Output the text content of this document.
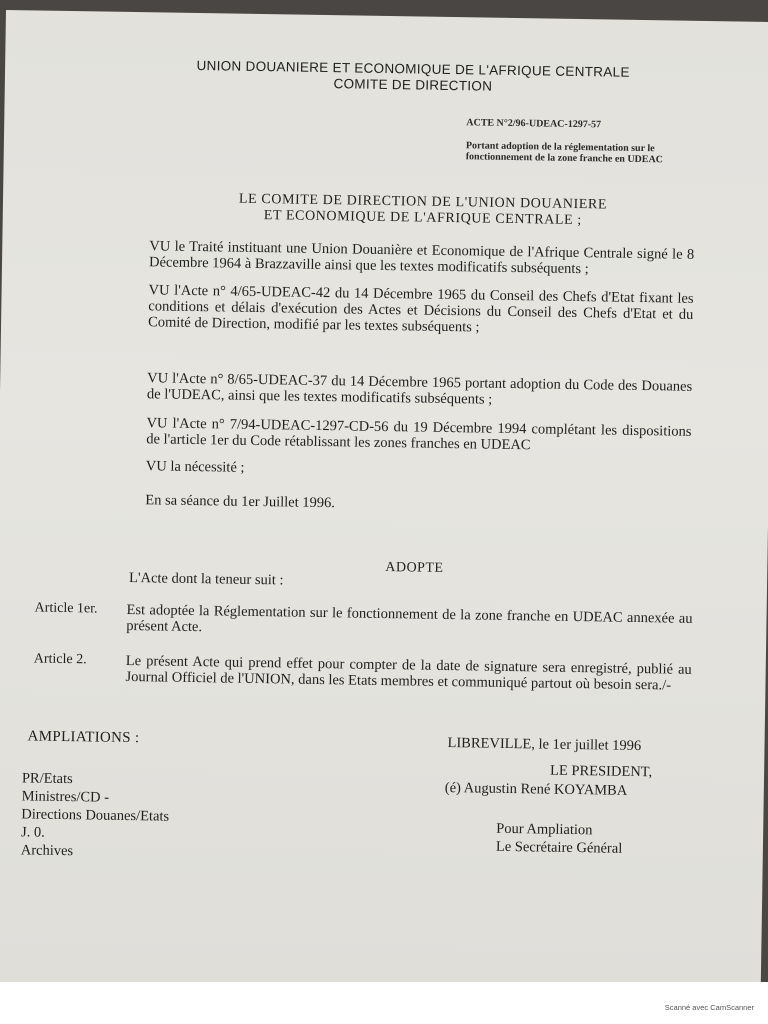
UNION DOUANIERE ET ECONOMIQUE DE L'AFRIQUE CENTRALE
COMITE DE DIRECTION
ACTE N°2/96-UDEAC-1297-57
Portant adoption de la réglementation sur le fonctionnement de la zone franche en UDEAC
LE COMITE DE DIRECTION DE L'UNION DOUANIERE
ET ECONOMIQUE DE L'AFRIQUE CENTRALE ;
VU le Traité instituant une Union Douanière et Economique de l'Afrique Centrale signé le 8 Décembre 1964 à Brazzaville ainsi que les textes modificatifs subséquents ;
VU l'Acte n° 4/65-UDEAC-42 du 14 Décembre 1965 du Conseil des Chefs d'Etat fixant les conditions et délais d'exécution des Actes et Décisions du Conseil des Chefs d'Etat et du Comité de Direction, modifié par les textes subséquents ;
VU l'Acte n° 8/65-UDEAC-37 du 14 Décembre 1965 portant adoption du Code des Douanes de l'UDEAC, ainsi que les textes modificatifs subséquents ;
VU l'Acte n° 7/94-UDEAC-1297-CD-56 du 19 Décembre 1994 complétant les dispositions de l'article 1er du Code rétablissant les zones franches en UDEAC
VU la nécessité ;
En sa séance du 1er Juillet 1996.
ADOPTE
L'Acte dont la teneur suit :
Article 1er. Est adoptée la Réglementation sur le fonctionnement de la zone franche en UDEAC annexée au présent Acte.
Article 2.	Le présent Acte qui prend effet pour compter de la date de signature sera enregistré, publié au Journal Officiel de l'UNION, dans les Etats membres et communiqué partout où besoin sera./-
AMPLIATIONS :
PR/Etats
Ministres/CD -
Directions Douanes/Etats
J. 0.
Archives
LIBREVILLE, le 1er juillet 1996
LE PRESIDENT,
(é) Augustin René KOYAMBA
Pour Ampliation
Le Secrétaire Général
Scanné avec CamScanner
